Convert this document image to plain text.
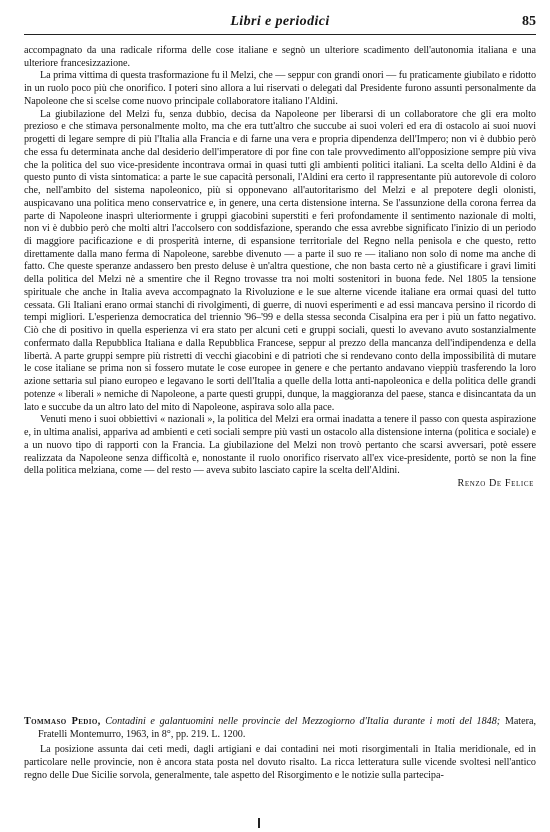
Libri e periodici	85

accompagnato da una radicale riforma delle cose italiane e segnò un ulteriore scadimento dell'autonomia italiana e una ulteriore francesizzazione.

La prima vittima di questa trasformazione fu il Melzi, che — seppur con grandi onori — fu praticamente giubilato e ridotto in un ruolo poco più che onorifico. I poteri sino allora a lui riservati o delegati dal Presidente furono assunti personalmente da Napoleone che si scelse come nuovo principale collaboratore italiano l'Aldini.

La giubilazione del Melzi fu, senza dubbio, decisa da Napoleone per liberarsi di un collaboratore che gli era molto prezioso e che stimava personalmente molto, ma che era tutt'altro che succube ai suoi voleri ed era di ostacolo ai suoi nuovi progetti di legare sempre di più l'Italia alla Francia e di farne una vera e propria dipendenza dell'Impero; non vi è dubbio però che essa fu determinata anche dal desiderio dell'imperatore di por fine con tale provvedimento all'opposizione sempre più viva che la politica del suo vice-presidente incontrava ormai in quasi tutti gli ambienti politici italiani. La scelta dello Aldini è da questo punto di vista sintomatica: a parte le sue capacità personali, l'Aldini era certo il rappresentante più autorevole di coloro che, nell'ambito del sistema napoleonico, più si opponevano all'autoritarismo del Melzi e al prepotere degli olonisti, auspicavano una politica meno conservatrice e, in genere, una certa distensione interna. Se l'assunzione della corona ferrea da parte di Napoleone inasprì ulteriormente i gruppi giacobini superstiti e ferì profondamente il sentimento nazionale di molti, non vi è dubbio però che molti altri l'accolsero con soddisfazione, sperando che essa avrebbe significato l'inizio di un periodo di maggiore pacificazione e di prosperità interne, di espansione territoriale del Regno nella penisola e che questo, retto direttamente dalla mano ferma di Napoleone, sarebbe divenuto — a parte il suo re — italiano non solo di nome ma anche di fatto. Che queste speranze andassero ben presto deluse è un'altra questione, che non basta certo nè a giustificare i gravi limiti della politica del Melzi nè a smentire che il Regno trovasse tra noi molti sostenitori in buona fede. Nel 1805 la tensione spirituale che anche in Italia aveva accompagnato la Rivoluzione e le sue alterne vicende italiane era ormai quasi del tutto cessata. Gli Italiani erano ormai stanchi di rivolgimenti, di guerre, di nuovi esperimenti e ad essi mancava persino il ricordo di tempi migliori. L'esperienza democratica del triennio '96–'99 e della stessa seconda Cisalpina era per i più un fatto negativo. Ciò che di positivo in quella esperienza vi era stato per alcuni ceti e gruppi sociali, questi lo avevano avuto sostanzialmente confermato dalla Repubblica Italiana e dalla Repubblica Francese, seppur al prezzo della mancanza dell'indipendenza e della libertà. A parte gruppi sempre più ristretti di vecchi giacobini e di patrioti che si rendevano conto della impossibilità di mutare le cose italiane se prima non si fossero mutate le cose europee in genere e che pertanto andavano vieppiù trasferendo la loro azione settaria sul piano europeo e legavano le sorti dell'Italia a quelle della lotta anti-napoleonica e della politica delle grandi potenze « liberali » nemiche di Napoleone, a parte questi gruppi, dunque, la maggioranza del paese, stanca e disincantata da un lato e succube da un altro lato del mito di Napoleone, aspirava solo alla pace.

Venuti meno i suoi obbiettivi « nazionali », la politica del Melzi era ormai inadatta a tenere il passo con questa aspirazione e, in ultima analisi, appariva ad ambienti e ceti sociali sempre più vasti un ostacolo alla distensione interna (politica e sociale) e a un nuovo tipo di rapporti con la Francia. La giubilazione del Melzi non trovò pertanto che scarsi avversari, potè essere realizzata da Napoleone senza difficoltà e, nonostante il ruolo onorifico riservato all'ex vice-presidente, portò se non la fine della politica melziana, come — del resto — aveva subito lasciato capire la scelta dell'Aldini.

Renzo De Felice

Tommaso Pedio, Contadini e galantuomini nelle provincie del Mezzogiorno d'Italia durante i moti del 1848; Matera, Fratelli Montemurro, 1963, in 8°, pp. 219. L. 1200.

La posizione assunta dai ceti medi, dagli artigiani e dai contadini nei moti risorgimentali in Italia meridionale, ed in particolare nelle provincie, non è ancora stata posta nel dovuto risalto. La ricca letteratura sulle vicende svoltesi nell'antico regno delle Due Sicilie sorvola, generalmente, tale aspetto del Risorgimento e le notizie sulla partecipa-
